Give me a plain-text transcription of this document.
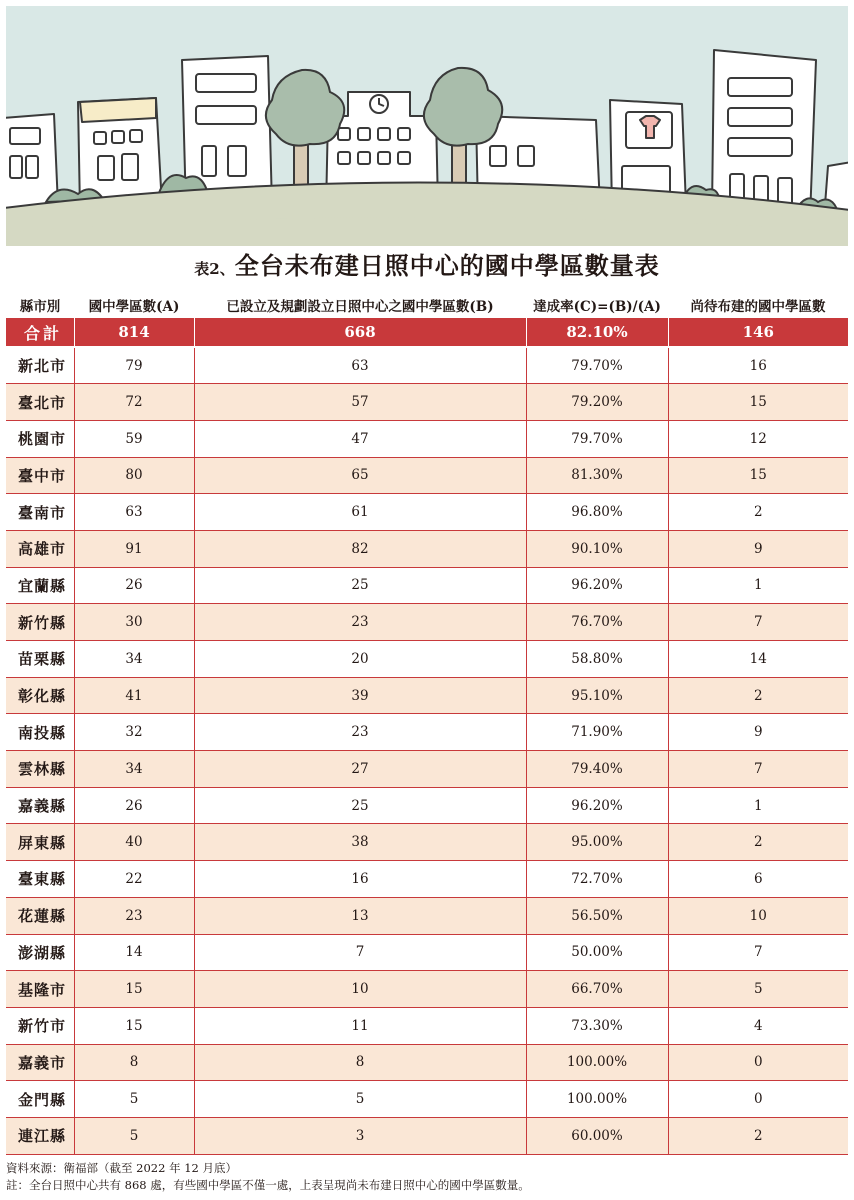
表2、全台未布建日照中心的國中學區數量表
縣市別	國中學區數(A)	已設立及規劃設立日照中心之國中學區數(B)	達成率(C)=(B)/(A)	尚待布建的國中學區數
合計	814	668	82.10%	146
新北市	79	63	79.70%	16
臺北市	72	57	79.20%	15
桃園市	59	47	79.70%	12
臺中市	80	65	81.30%	15
臺南市	63	61	96.80%	2
高雄市	91	82	90.10%	9
宜蘭縣	26	25	96.20%	1
新竹縣	30	23	76.70%	7
苗栗縣	34	20	58.80%	14
彰化縣	41	39	95.10%	2
南投縣	32	23	71.90%	9
雲林縣	34	27	79.40%	7
嘉義縣	26	25	96.20%	1
屏東縣	40	38	95.00%	2
臺東縣	22	16	72.70%	6
花蓮縣	23	13	56.50%	10
澎湖縣	14	7	50.00%	7
基隆市	15	10	66.70%	5
新竹市	15	11	73.30%	4
嘉義市	8	8	100.00%	0
金門縣	5	5	100.00%	0
連江縣	5	3	60.00%	2
資料來源：衛福部（截至 2022 年 12 月底）
註：全台日照中心共有 868 處，有些國中學區不僅一處，上表呈現尚未布建日照中心的國中學區數量。
